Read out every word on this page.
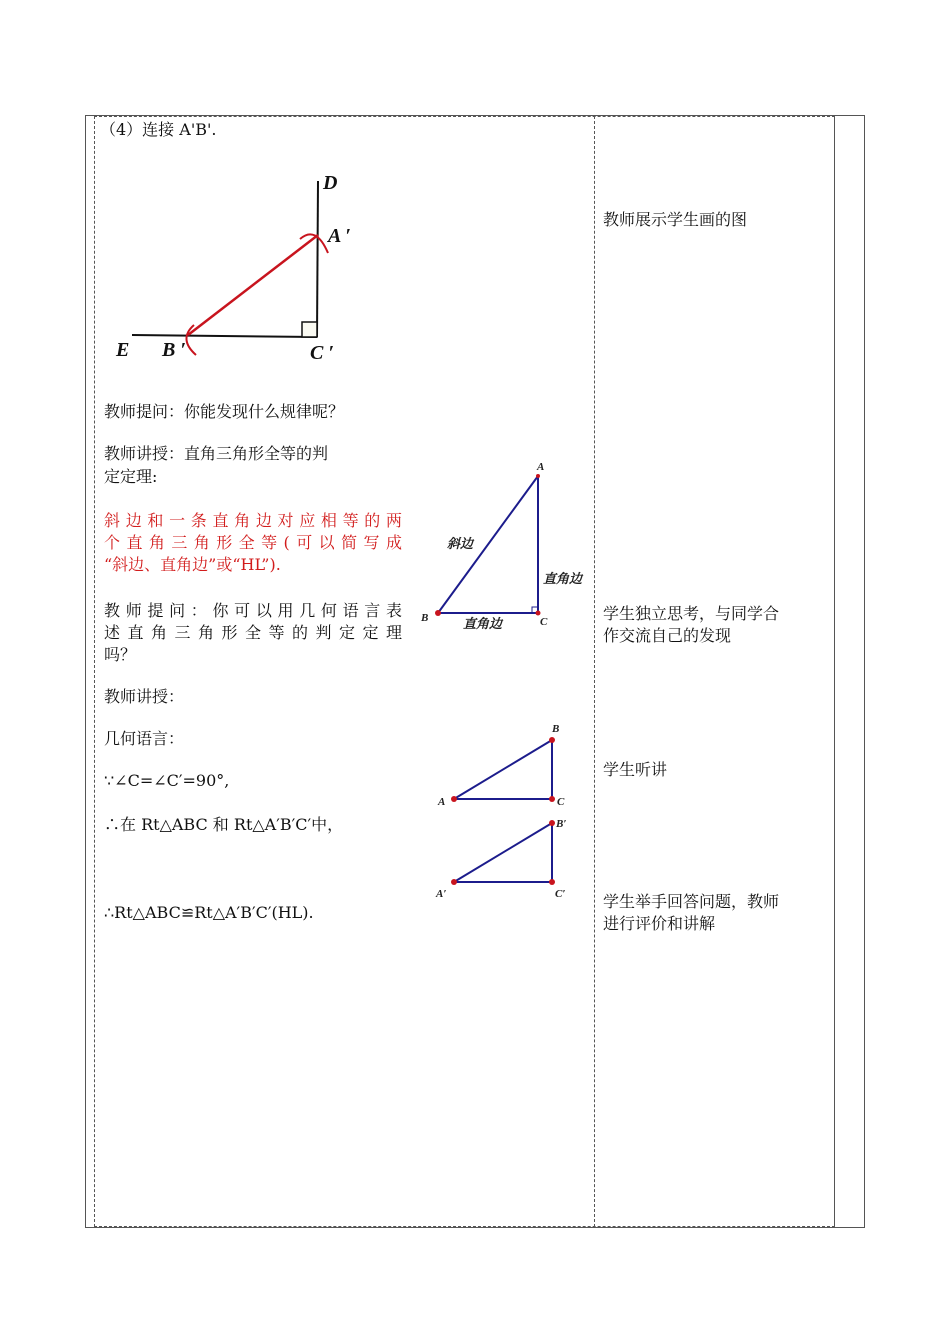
（4）连接 A'B'.
D
A ′
E B ′	C ′
教师提问：你能发现什么规律呢？
教师讲授：直角三角形全等的判
定定理:
斜边和一条直角边对应相等的两
个直角三角形全等(可以简写成
“斜边、直角边”或“HL”).
教师提问：你可以用几何语言表
述直角三角形全等的判定定理
吗？
教师讲授：
几何语言：
∵∠C=∠C′=90°,
∴在 Rt△ABC 和 Rt△A′B′C′中，
∴Rt△ABC≌Rt△A′B′C′(HL).
A
B	C
斜边
直角边
直角边
B
A	C
B′
A′	C′
教师展示学生画的图
学生独立思考，与同学合
作交流自己的发现
学生听讲
学生举手回答问题，教师
进行评价和讲解
